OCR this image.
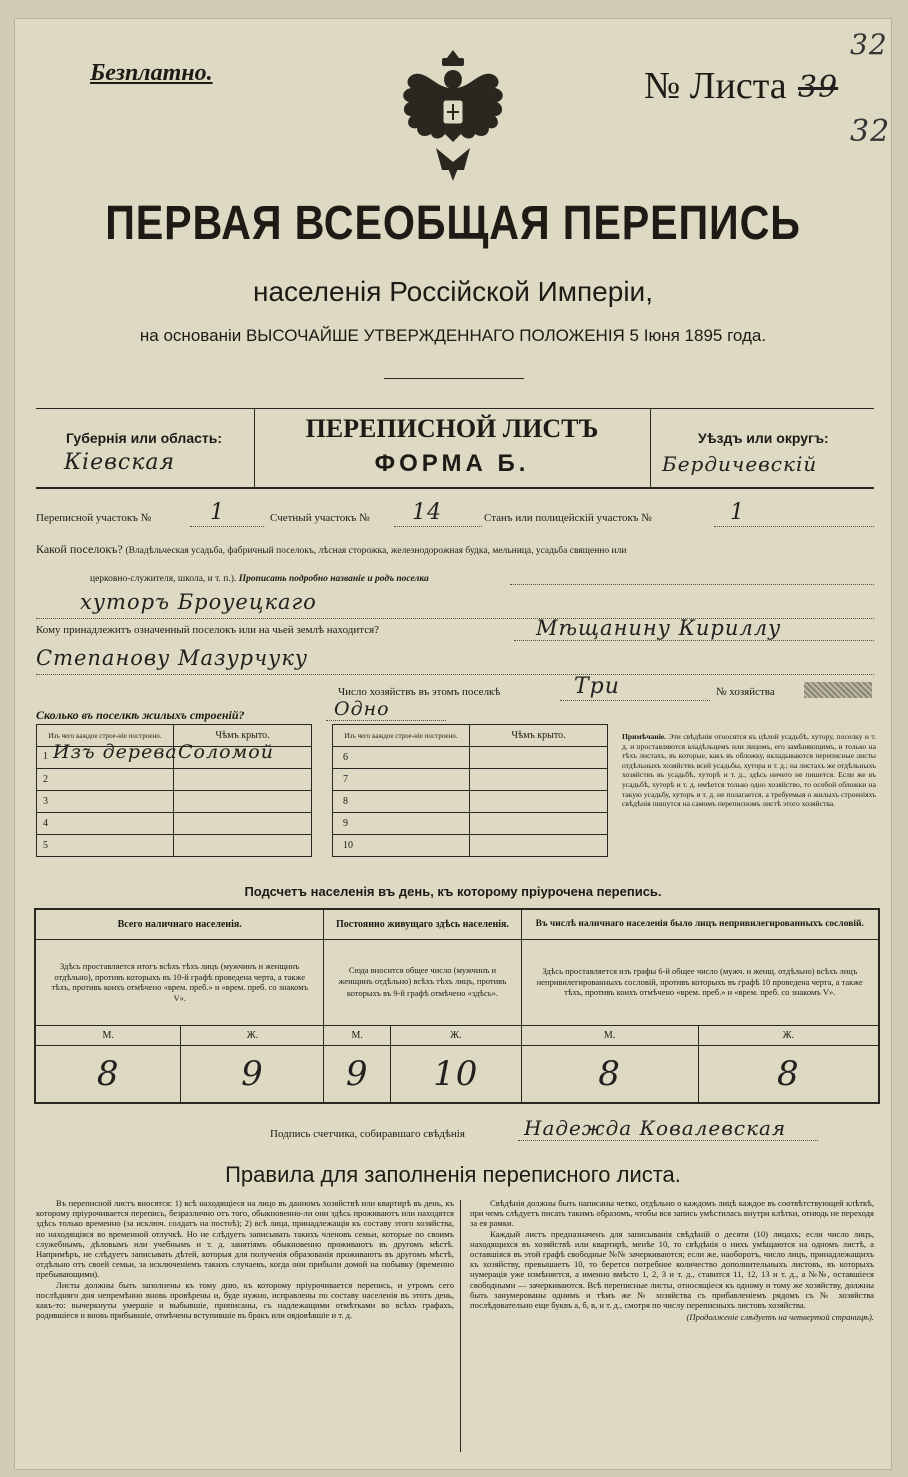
Безплатно.	№ Листа 39
32
32
ПЕРВАЯ ВСЕОБЩАЯ ПЕРЕПИСЬ
населенія Россійской Имперіи,
на основаніи ВЫСОЧАЙШЕ УТВЕРЖДЕННАГО ПОЛОЖЕНІЯ 5 Іюня 1895 года.
Губернія или область:
Кіевская
ПЕРЕПИСНОЙ ЛИСТЪ
ФОРМА Б.
Уѣздъ или округъ:
Бердичевскій
Переписной участокъ №	1	Счетный участокъ № 14	Станъ или полицейскій участокъ №	1
Какой поселокъ? (Владѣльческая усадьба, фабричный поселокъ, лѣсная сторожка, железнодорожная будка, мельница, усадьба священно или
церковно-служителя, школа, и т. п.). Прописать подробно названіе и родъ поселка
хуторъ Броуецкаго
Кому принадлежитъ означенный поселокъ или на чьей землѣ находится?	Мѣщанину Кириллу
Степанову Мазурчуку
Число хозяйствъ въ этомъ поселкѣ	Три	№ хозяйства
Сколько въ поселкѣ жилыхъ строеній?	Одно
Изъ чего каждое строе-ніе построено.	Чѣмъ крыто.

1 Изъ дерева	Соломой

2	
3	
4	
5	
Изъ чего каждое строе-ніе построено.	Чѣмъ крыто.
6	
7	
8	
9	
10	
Примѣчаніе. Эти свѣдѣнія относятся къ цѣлой усадьбѣ, хутору, поселку и т. д. и проставляются владѣльцемъ или лицомъ, его замѣняющимъ, и только на тѣхъ листахъ, въ которые, какъ въ обложку, вкладываются переписные листы отдѣльныхъ хозяйствъ всей усадьбы, хутора и т. д.; на листахъ же отдѣльныхъ хозяйствъ въ усадьбѣ, хуторѣ и т. д., здѣсь ничего не пишется. Если же въ усадьбѣ, хуторѣ и т. д. имѣется только одно хозяйство, то особой обложки на такую усадьбу, хуторъ и т. д. не полагается, а требуемыя о жилыхъ строеніяхъ свѣдѣнія пишутся на самомъ переписномъ листѣ этого хозяйства.
Подсчетъ населенія въ день, къ которому пріурочена перепись.
Всего наличнаго населенія.		Постоянно живущаго здѣсь населенія.		Въ числѣ наличнаго населенія было лицъ непривилегированныхъ сословій.	
Здѣсь проставляется итогъ всѣхъ тѣхъ лицъ (мужчинъ и женщинъ отдѣльно), противъ которыхъ въ 10-й графѣ проведена черта, а также тѣхъ, противъ коихъ отмѣчено «врем. преб.» и «врем. преб. со знакомъ V».		Сюда вносится общее число (мужчинъ и женщинъ отдѣльно) всѣхъ тѣхъ лицъ, противъ которыхъ въ 9-й графѣ отмѣчено «здѣсь».		Здѣсь проставляется изъ графы 6-й общее число (мужч. и женщ. отдѣльно) всѣхъ лицъ непривилегированныхъ сословій, противъ которыхъ въ графѣ 10 проведена черта, а также тѣхъ, противъ коихъ отмѣчено «врем. преб.» и «врем. преб. со знакомъ V».	
М.	Ж.	М.	Ж.	М.	Ж.
8	9	9	10	8	8
Подпись счетчика, собиравшаго свѣдѣнія	Надежда Ковалевская
Правила для заполненія переписного листа.
Въ переписной листъ вносятся: 1) всѣ находящіеся на лицо въ данномъ хозяйствѣ или квартирѣ въ день, къ которому пріурочивается перепись, безразлично отъ того, обыкновенно-ли они здѣсь проживаютъ или находятся здѣсь только временно (за исключ. солдатъ на постоѣ); 2) всѣ лица, принадлежащія къ составу этого хозяйства, но находящіяся во временной отлучкѣ. Но не слѣдуетъ записывать такихъ членовъ семьи, которые по своимъ служебнымъ, дѣловымъ или учебнымъ и т. д. занятіямъ обыкновенно проживаютъ въ другомъ мѣстѣ. Напримѣръ, не слѣдуетъ записывать дѣтей, которыя для полученія образованія проживаютъ въ другомъ мѣстѣ, отдѣльно отъ своей семьи, за исключеніемъ такихъ случаевъ, когда они прибыли домой на побывку (временно пребывающими).
Листы должны быть заполнены къ тому дню, къ которому пріурочивается перепись, и утромъ сего послѣдняго дня непремѣнно вновь провѣрены и, буде нужно, исправлены по составу населенія въ этотъ день, какъ-то: вычеркнуты умершіе и выбывшіе, приписаны, съ надлежащими отмѣтками во всѣхъ графахъ, родившіеся и вновь прибывшіе, отмѣчены вступившіе въ бракъ или овдовѣвшіе и т. д.
Свѣдѣнія должны быть написаны четко, отдѣльно о каждомъ лицѣ каждое въ соотвѣтствующей клѣткѣ, при чемъ слѣдуетъ писать такимъ образомъ, чтобы вся запись умѣстилась внутри клѣтки, отнюдь не переходя за ея рамки.
Каждый листъ предназначенъ для записыванія свѣдѣній о десяти (10) лицахъ; если число лицъ, находящихся въ хозяйствѣ или квартирѣ, менѣе 10, то свѣдѣнія о нихъ умѣщаются на одномъ листѣ, а оставшіяся въ этой графѣ свободные №№ зачеркиваются; если же, наоборотъ, число лицъ, принадлежащихъ къ хозяйству, превышаетъ 10, то берется потребное количество дополнительныхъ листовъ, въ которыхъ нумерація уже измѣняется, а именно вмѣсто 1, 2, 3 и т. д., ставится 11, 12, 13 и т. д., а №№, оставшіеся свободными — зачеркиваются. Всѣ переписные листы, относящіеся къ одному и тому же хозяйству, должны быть занумерованы однимъ и тѣмъ же № хозяйства съ прибавленіемъ рядомъ съ № хозяйства послѣдовательно еще буквъ а, б, в, и т. д., смотря по числу переписныхъ листовъ хозяйства.
(Продолженіе слѣдуетъ на четвертой страницѣ).
